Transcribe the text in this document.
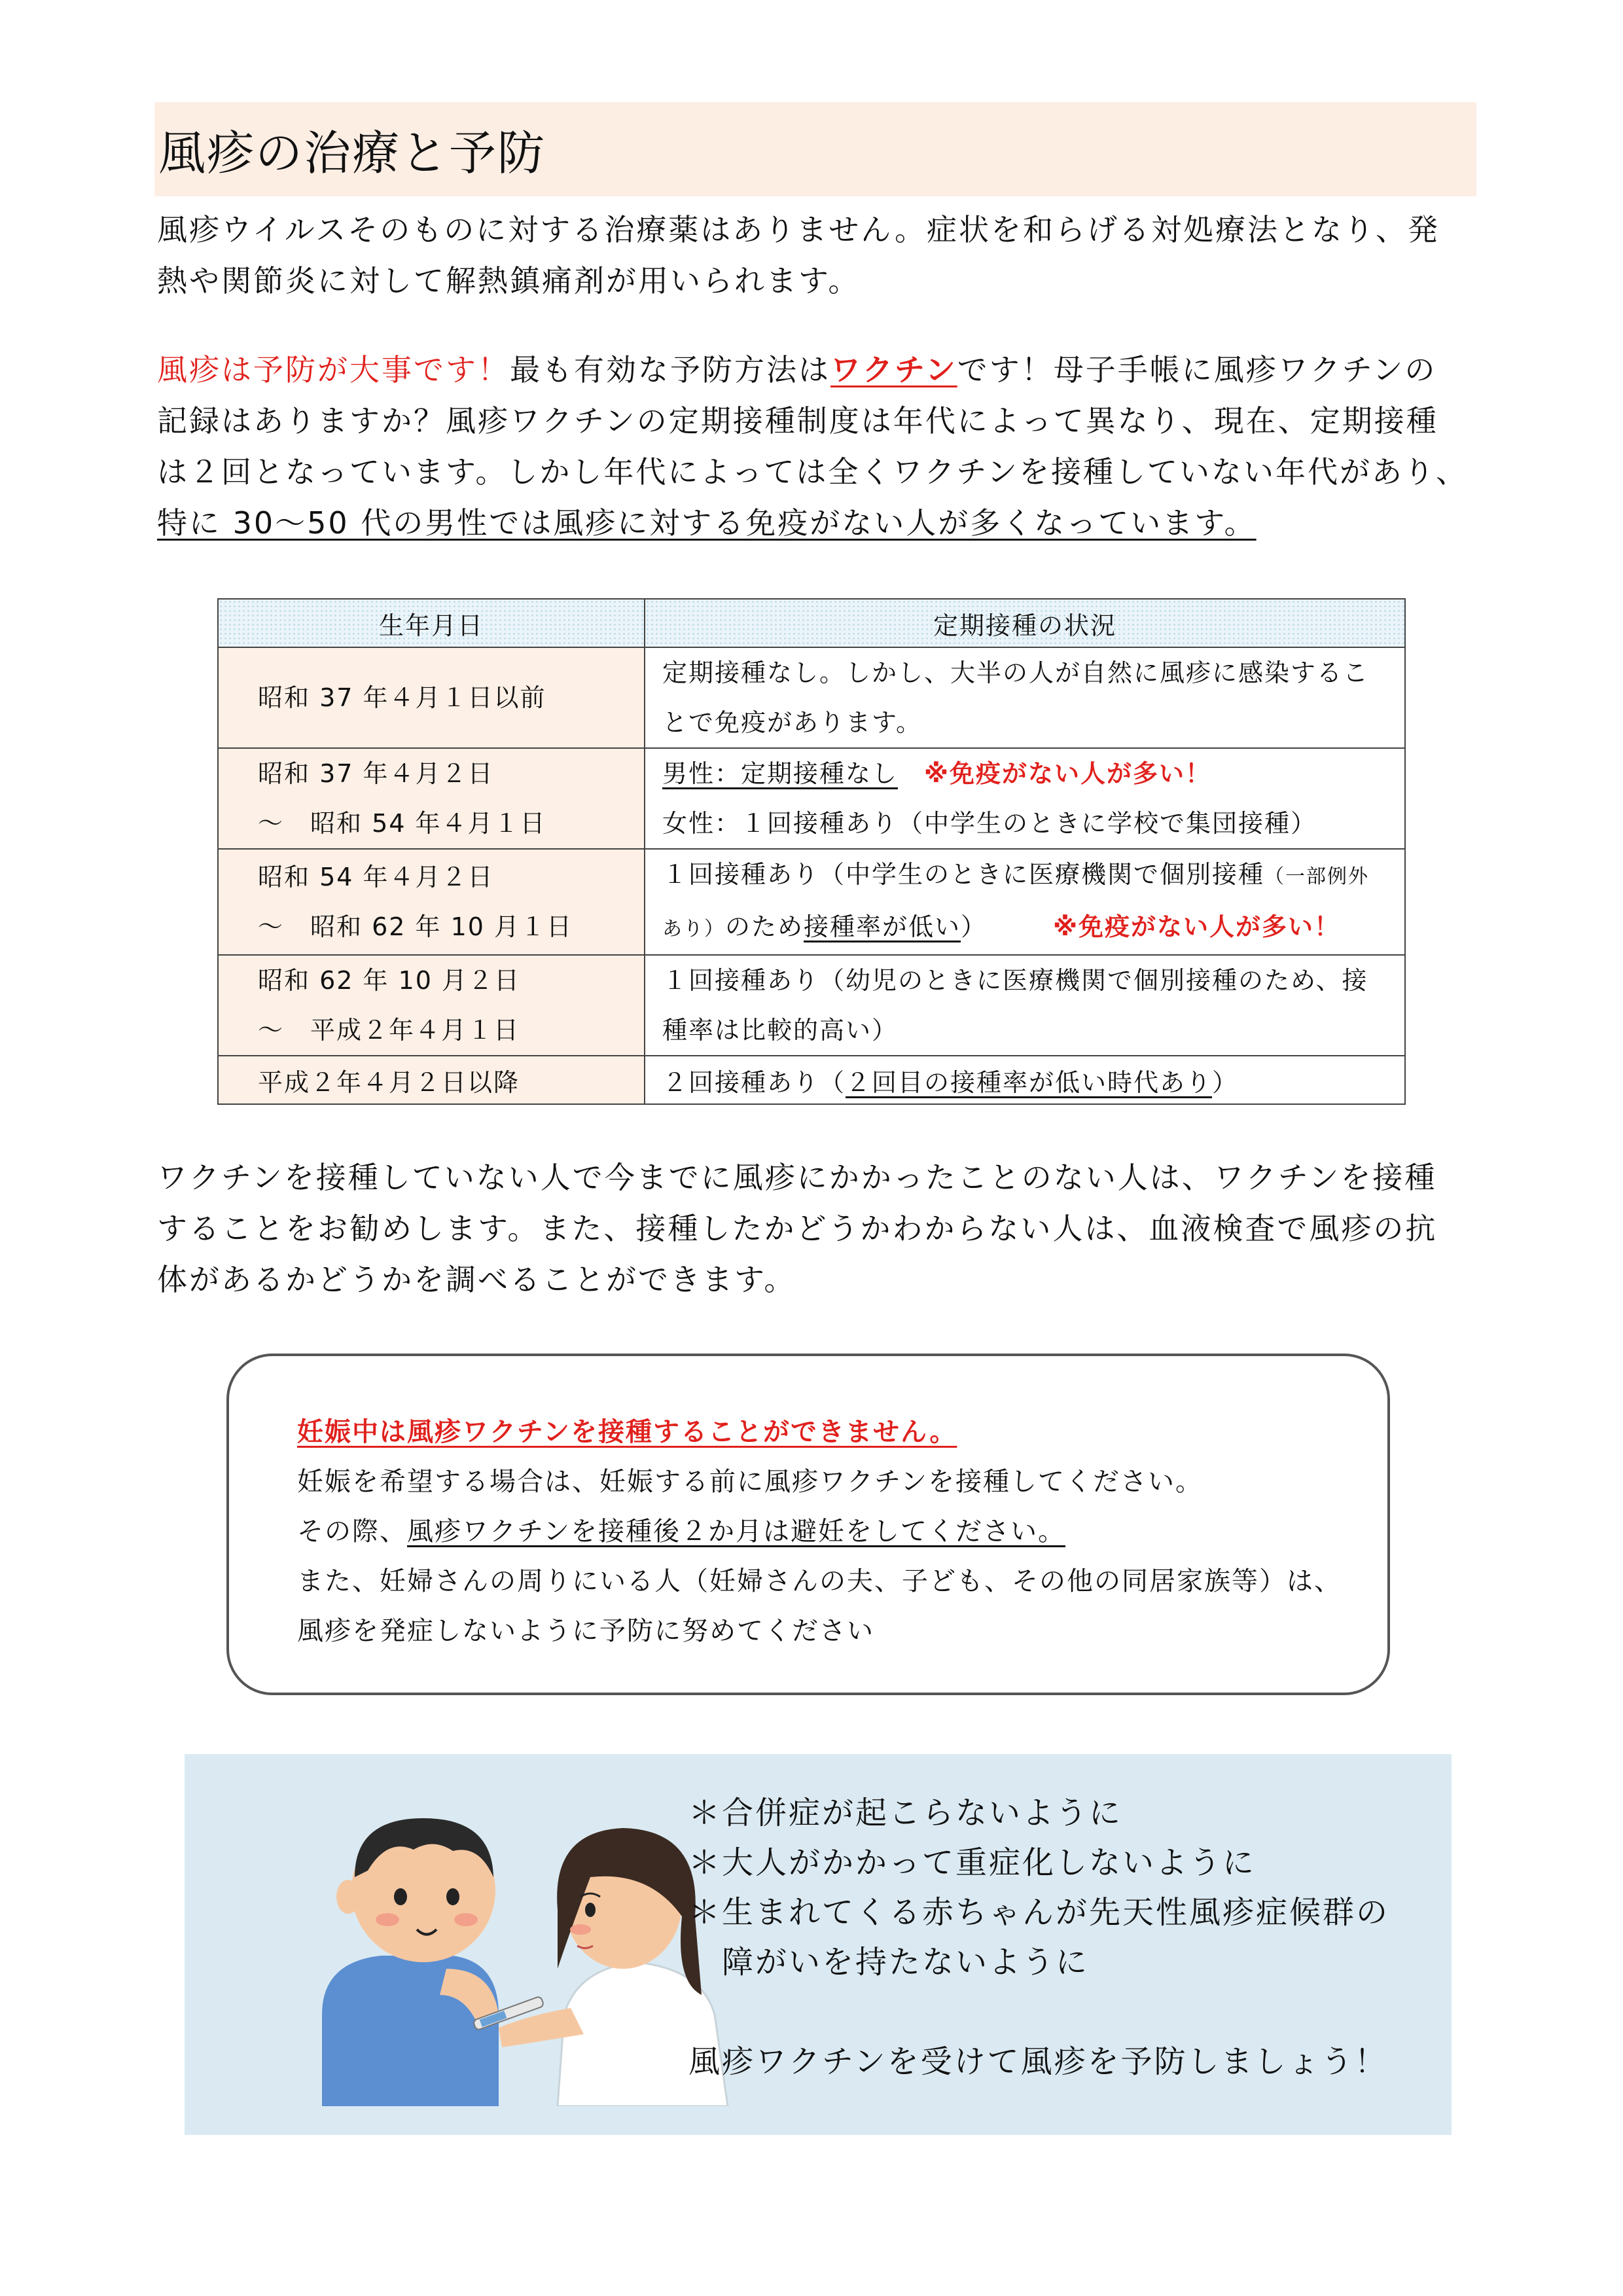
風疹の治療と予防
風疹ウイルスそのものに対する治療薬はありません。症状を和らげる対処療法となり、発
熱や関節炎に対して解熱鎮痛剤が用いられます。
風疹は予防が大事です！最も有効な予防方法はワクチンです！母子手帳に風疹ワクチンの
記録はありますか？風疹ワクチンの定期接種制度は年代によって異なり、現在、定期接種
は２回となっています。しかし年代によっては全くワクチンを接種していない年代があり、
特に 30〜50 代の男性では風疹に対する免疫がない人が多くなっています。
生年月日	定期接種の状況

昭和 37 年４月１日以前	定期接種なし。しかし、大半の人が自然に風疹に感染するこ
とで免疫があります。

昭和 37 年４月２日
〜　昭和 54 年４月１日	男性：定期接種なし　 ※免疫がない人が多い！
女性：１回接種あり（中学生のときに学校で集団接種）

昭和 54 年４月２日
〜　昭和 62 年 10 月１日	１回接種あり（中学生のときに医療機関で個別接種（一部例外
あり）のため接種率が低い）　　　 ※免疫がない人が多い！

昭和 62 年 10 月２日
〜　平成２年４月１日	１回接種あり（幼児のときに医療機関で個別接種のため、接
種率は比較的高い）

平成２年４月２日以降	２回接種あり（２回目の接種率が低い時代あり）
ワクチンを接種していない人で今までに風疹にかかったことのない人は、ワクチンを接種
することをお勧めします。また、接種したかどうかわからない人は、血液検査で風疹の抗
体があるかどうかを調べることができます。
妊娠中は風疹ワクチンを接種することができません。
妊娠を希望する場合は、妊娠する前に風疹ワクチンを接種してください。
その際、風疹ワクチンを接種後２か月は避妊をしてください。
また、妊婦さんの周りにいる人（妊婦さんの夫、子ども、その他の同居家族等）は、
風疹を発症しないように予防に努めてください
＊合併症が起こらないように
＊大人がかかって重症化しないように
＊生まれてくる赤ちゃんが先天性風疹症候群の
　障がいを持たないように

風疹ワクチンを受けて風疹を予防しましょう！
